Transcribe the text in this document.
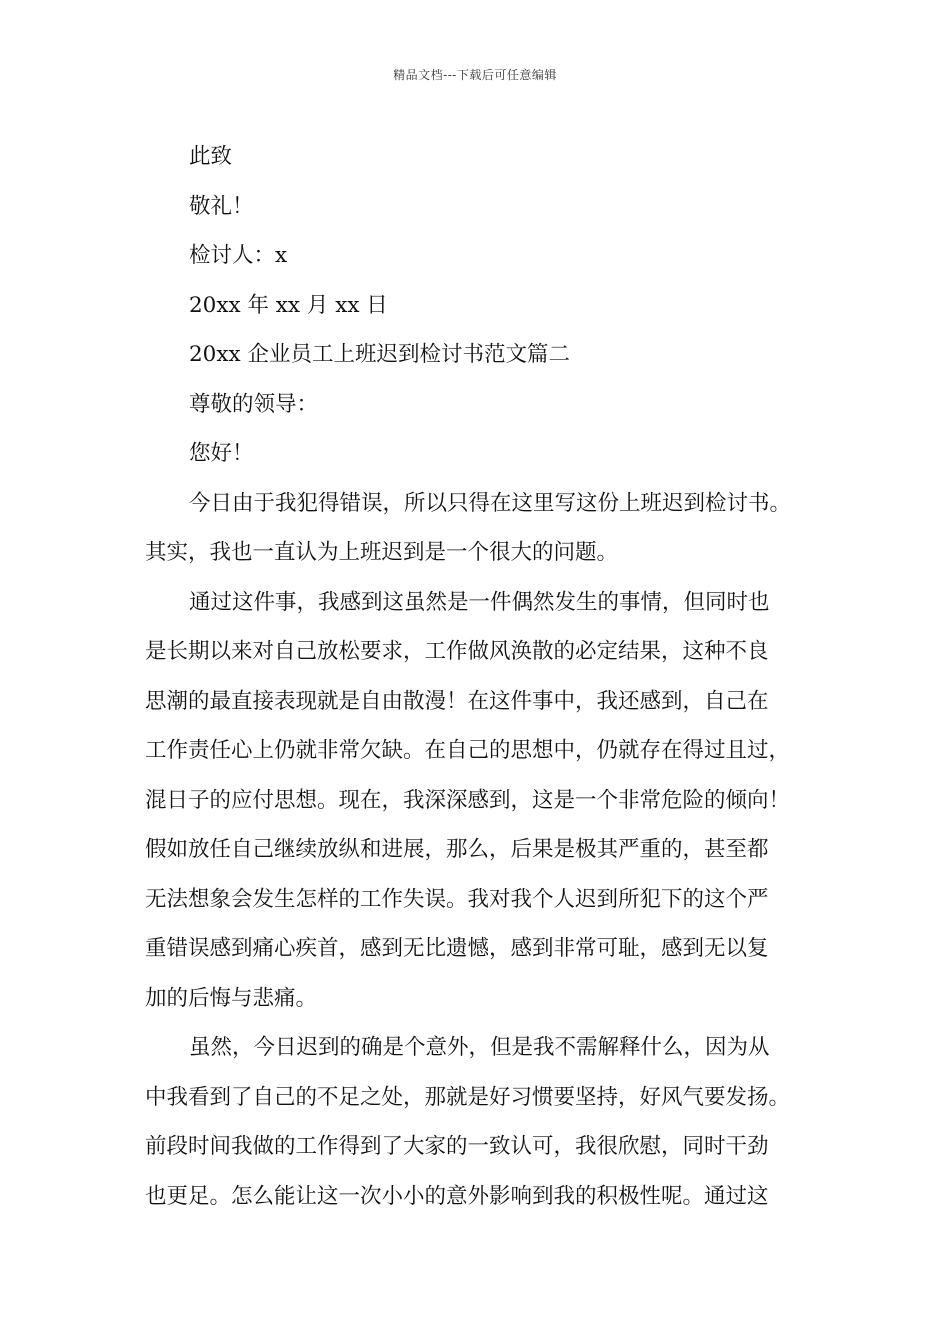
精品文档---下载后可任意编辑
此致
敬礼！
检讨人：x
20xx 年 xx 月 xx 日
20xx 企业员工上班迟到检讨书范文篇二
尊敬的领导：
您好！
今日由于我犯得错误，所以只得在这里写这份上班迟到检讨书。
其实，我也一直认为上班迟到是一个很大的问题。
通过这件事，我感到这虽然是一件偶然发生的事情，但同时也
是长期以来对自己放松要求，工作做风涣散的必定结果，这种不良
思潮的最直接表现就是自由散漫！在这件事中，我还感到，自己在
工作责任心上仍就非常欠缺。在自己的思想中，仍就存在得过且过，
混日子的应付思想。现在，我深深感到，这是一个非常危险的倾向！
假如放任自己继续放纵和进展，那么，后果是极其严重的，甚至都
无法想象会发生怎样的工作失误。我对我个人迟到所犯下的这个严
重错误感到痛心疾首，感到无比遗憾，感到非常可耻，感到无以复
加的后悔与悲痛。
虽然，今日迟到的确是个意外，但是我不需解释什么，因为从
中我看到了自己的不足之处，那就是好习惯要坚持，好风气要发扬。
前段时间我做的工作得到了大家的一致认可，我很欣慰，同时干劲
也更足。怎么能让这一次小小的意外影响到我的积极性呢。通过这
